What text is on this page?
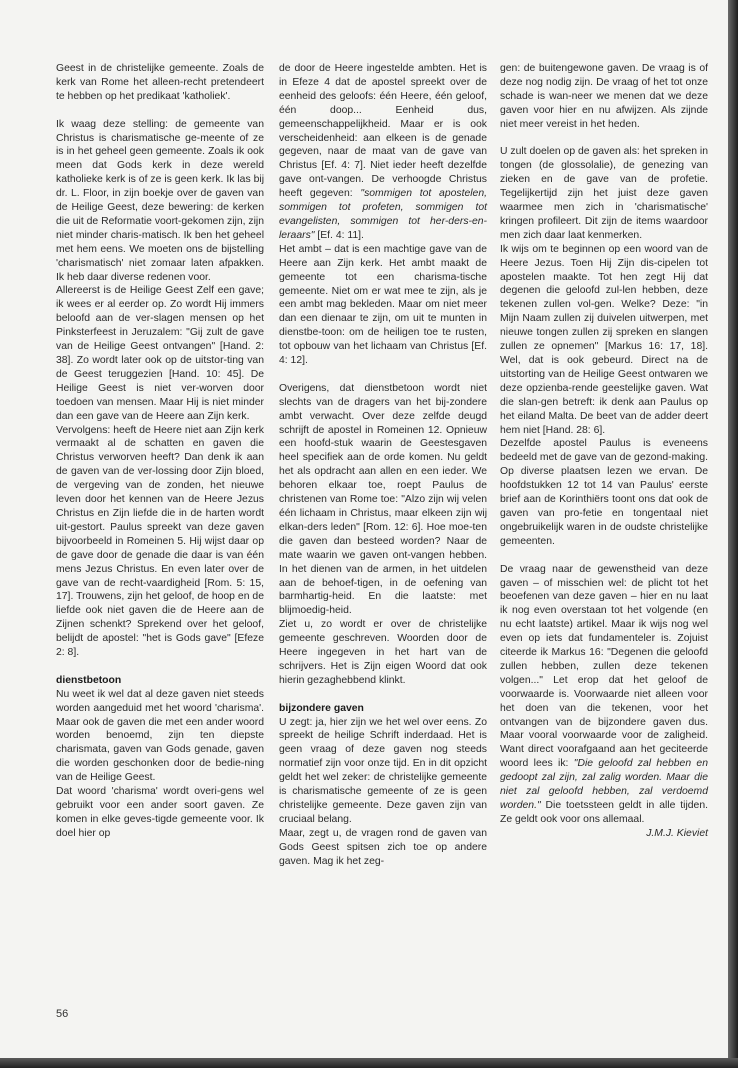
Geest in de christelijke gemeente. Zoals de kerk van Rome het alleen-recht pretendeert te hebben op het predikaat 'katholiek'.

Ik waag deze stelling: de gemeente van Christus is charismatische ge-meente of ze is in het geheel geen gemeente. Zoals ik ook meen dat Gods kerk in deze wereld katholieke kerk is of ze is geen kerk. Ik las bij dr. L. Floor, in zijn boekje over de gaven van de Heilige Geest, deze bewering: de kerken die uit de Reformatie voort-gekomen zijn, zijn niet minder charis-matisch. Ik ben het geheel met hem eens. We moeten ons de bijstelling 'charismatisch' niet zomaar laten afpakken. Ik heb daar diverse redenen voor.

Allereerst is de Heilige Geest Zelf een gave; ik wees er al eerder op. Zo wordt Hij immers beloofd aan de ver-slagen mensen op het Pinksterfeest in Jeruzalem: "Gij zult de gave van de Heilige Geest ontvangen" [Hand. 2: 38]. Zo wordt later ook op de uitstor-ting van de Geest teruggezien [Hand. 10: 45]. De Heilige Geest is niet ver-worven door toedoen van mensen. Maar Hij is niet minder dan een gave van de Heere aan Zijn kerk.

Vervolgens: heeft de Heere niet aan Zijn kerk vermaakt al de schatten en gaven die Christus verworven heeft? Dan denk ik aan de gaven van de ver-lossing door Zijn bloed, de vergeving van de zonden, het nieuwe leven door het kennen van de Heere Jezus Christus en Zijn liefde die in de harten wordt uit-gestort. Paulus spreekt van deze gaven bijvoorbeeld in Romeinen 5. Hij wijst daar op de gave door de genade die daar is van één mens Jezus Christus. En even later over de gave van de recht-vaardigheid [Rom. 5: 15, 17]. Trouwens, zijn het geloof, de hoop en de liefde ook niet gaven die de Heere aan de Zijnen schenkt? Sprekend over het geloof, belijdt de apostel: "het is Gods gave" [Efeze 2: 8].

dienstbetoon

Nu weet ik wel dat al deze gaven niet steeds worden aangeduid met het woord 'charisma'. Maar ook de gaven die met een ander woord worden benoemd, zijn ten diepste charismata, gaven van Gods genade, gaven die worden geschonken door de bedie-ning van de Heilige Geest.

Dat woord 'charisma' wordt overi-gens wel gebruikt voor een ander soort gaven. Ze komen in elke geves-tigde gemeente voor. Ik doel hier op

de door de Heere ingestelde ambten. Het is in Efeze 4 dat de apostel spreekt over de eenheid des geloofs: één Heere, één geloof, één doop... Eenheid dus, gemeenschappelijkheid. Maar er is ook verscheidenheid: aan elkeen is de genade gegeven, naar de maat van de gave van Christus [Ef. 4: 7]. Niet ieder heeft dezelfde gave ont-vangen. De verhoogde Christus heeft gegeven: "sommigen tot apostelen, sommigen tot profeten, sommigen tot evangelisten, sommigen tot her-ders-en-leraars" [Ef. 4: 11].

Het ambt – dat is een machtige gave van de Heere aan Zijn kerk. Het ambt maakt de gemeente tot een charisma-tische gemeente. Niet om er wat mee te zijn, als je een ambt mag bekleden. Maar om niet meer dan een dienaar te zijn, om uit te munten in dienstbe-toon: om de heiligen toe te rusten, tot opbouw van het lichaam van Christus [Ef. 4: 12].

Overigens, dat dienstbetoon wordt niet slechts van de dragers van het bij-zondere ambt verwacht. Over deze zelfde deugd schrijft de apostel in Romeinen 12. Opnieuw een hoofd-stuk waarin de Geestesgaven heel specifiek aan de orde komen. Nu geldt het als opdracht aan allen en een ieder. We behoren elkaar toe, roept Paulus de christenen van Rome toe: "Alzo zijn wij velen één lichaam in Christus, maar elkeen zijn wij elkan-ders leden" [Rom. 12: 6]. Hoe moe-ten die gaven dan besteed worden? Naar de mate waarin we gaven ont-vangen hebben. In het dienen van de armen, in het uitdelen aan de behoef-tigen, in de oefening van barmhartig-heid. En die laatste: met blijmoedig-heid.

Ziet u, zo wordt er over de christelijke gemeente geschreven. Woorden door de Heere ingegeven in het hart van de schrijvers. Het is Zijn eigen Woord dat ook hierin gezaghebbend klinkt.

bijzondere gaven

U zegt: ja, hier zijn we het wel over eens. Zo spreekt de heilige Schrift inderdaad. Het is geen vraag of deze gaven nog steeds normatief zijn voor onze tijd. En in dit opzicht geldt het wel zeker: de christelijke gemeente is charismatische gemeente of ze is geen christelijke gemeente. Deze gaven zijn van cruciaal belang.

Maar, zegt u, de vragen rond de gaven van Gods Geest spitsen zich toe op andere gaven. Mag ik het zeg-

gen: de buitengewone gaven. De vraag is of deze nog nodig zijn. De vraag of het tot onze schade is wan-neer we menen dat we deze gaven voor hier en nu afwijzen. Als zijnde niet meer vereist in het heden.

U zult doelen op de gaven als: het spreken in tongen (de glossolalie), de genezing van zieken en de gave van de profetie. Tegelijkertijd zijn het juist deze gaven waarmee men zich in 'charismatische' kringen profileert. Dit zijn de items waardoor men zich daar laat kenmerken.

Ik wijs om te beginnen op een woord van de Heere Jezus. Toen Hij Zijn dis-cipelen tot apostelen maakte. Tot hen zegt Hij dat degenen die geloofd zul-len hebben, deze tekenen zullen vol-gen. Welke? Deze: "in Mijn Naam zullen zij duivelen uitwerpen, met nieuwe tongen zullen zij spreken en slangen zullen ze opnemen" [Markus 16: 17, 18]. Wel, dat is ook gebeurd. Direct na de uitstorting van de Heilige Geest ontwaren we deze opzienba-rende geestelijke gaven. Wat die slan-gen betreft: ik denk aan Paulus op het eiland Malta. De beet van de adder deert hem niet [Hand. 28: 6].

Dezelfde apostel Paulus is eveneens bedeeld met de gave van de gezond-making. Op diverse plaatsen lezen we ervan. De hoofdstukken 12 tot 14 van Paulus' eerste brief aan de Korinthiërs toont ons dat ook de gaven van pro-fetie en tongentaal niet ongebruikelijk waren in de oudste christelijke gemeenten.

De vraag naar de gewenstheid van deze gaven – of misschien wel: de plicht tot het beoefenen van deze gaven – hier en nu laat ik nog even overstaan tot het volgende (en nu echt laatste) artikel. Maar ik wijs nog wel even op iets dat fundamenteler is. Zojuist citeerde ik Markus 16: "Degenen die geloofd zullen hebben, zullen deze tekenen volgen..." Let erop dat het geloof de voorwaarde is. Voorwaarde niet alleen voor het doen van die tekenen, voor het ontvangen van de bijzondere gaven dus. Maar vooral voorwaarde voor de zaligheid. Want direct voorafgaand aan het geciteerde woord lees ik: "Die geloofd zal hebben en gedoopt zal zijn, zal zalig worden. Maar die niet zal geloofd hebben, zal verdoemd worden." Die toetssteen geldt in alle tijden. Ze geldt ook voor ons allemaal.

J.M.J. Kieviet

56
